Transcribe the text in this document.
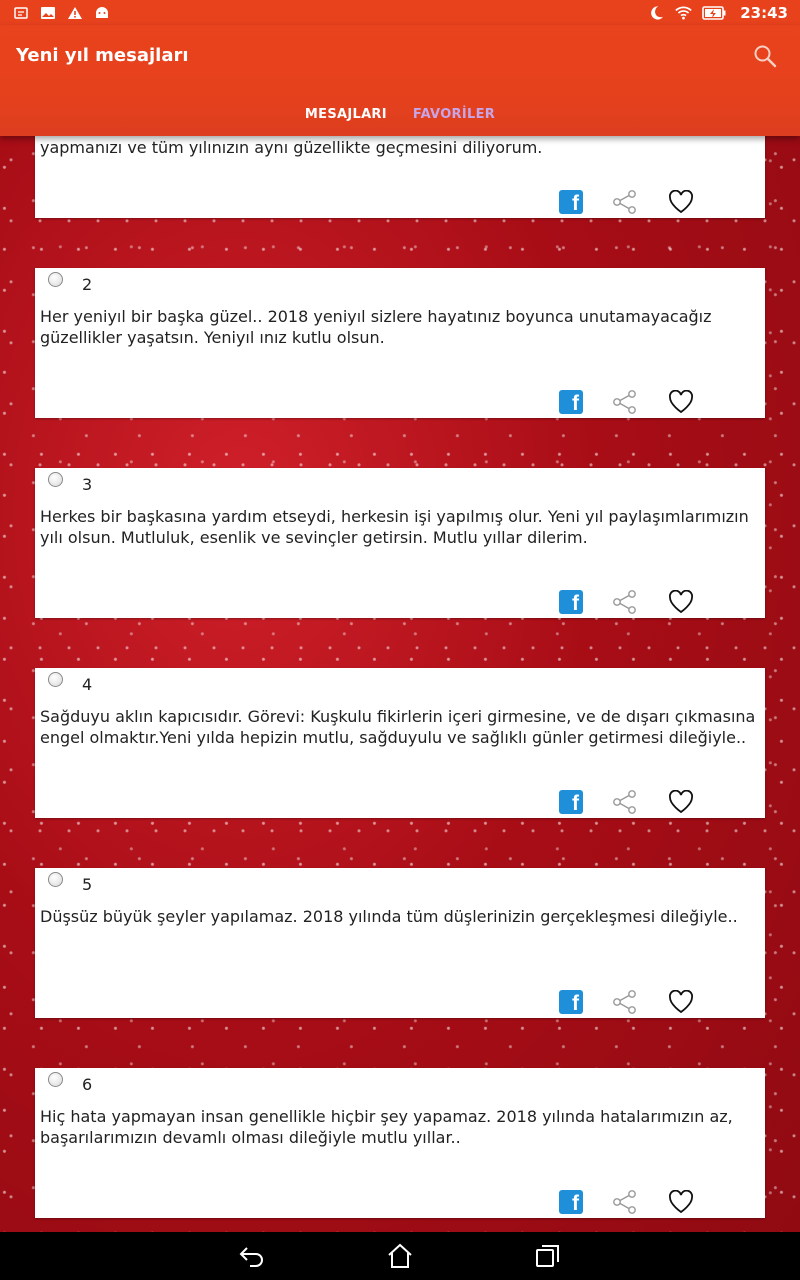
23:43
Yeni yıl mesajları
MESAJLARI FAVORİLER
yapmanızı ve tüm yılınızın aynı güzellikte geçmesini diliyorum.
f
2
Her yeniyıl bir başka güzel.. 2018 yeniyıl sizlere hayatınız boyunca unutamayacağız güzellikler yaşatsın. Yeniyıl ınız kutlu olsun.
f
3
Herkes bir başkasına yardım etseydi, herkesin işi yapılmış olur. Yeni yıl paylaşımlarımızın yılı olsun. Mutluluk, esenlik ve sevinçler getirsin. Mutlu yıllar dilerim.
f
4
Sağduyu aklın kapıcısıdır. Görevi: Kuşkulu fikirlerin içeri girmesine, ve de dışarı çıkmasına engel olmaktır.Yeni yılda hepizin mutlu, sağduyulu ve sağlıklı günler getirmesi dileğiyle..
f
5
Düşsüz büyük şeyler yapılamaz. 2018 yılında tüm düşlerinizin gerçekleşmesi dileğiyle..
f
6
Hiç hata yapmayan insan genellikle hiçbir şey yapamaz. 2018 yılında hatalarımızın az, başarılarımızın devamlı olması dileğiyle mutlu yıllar..
f
